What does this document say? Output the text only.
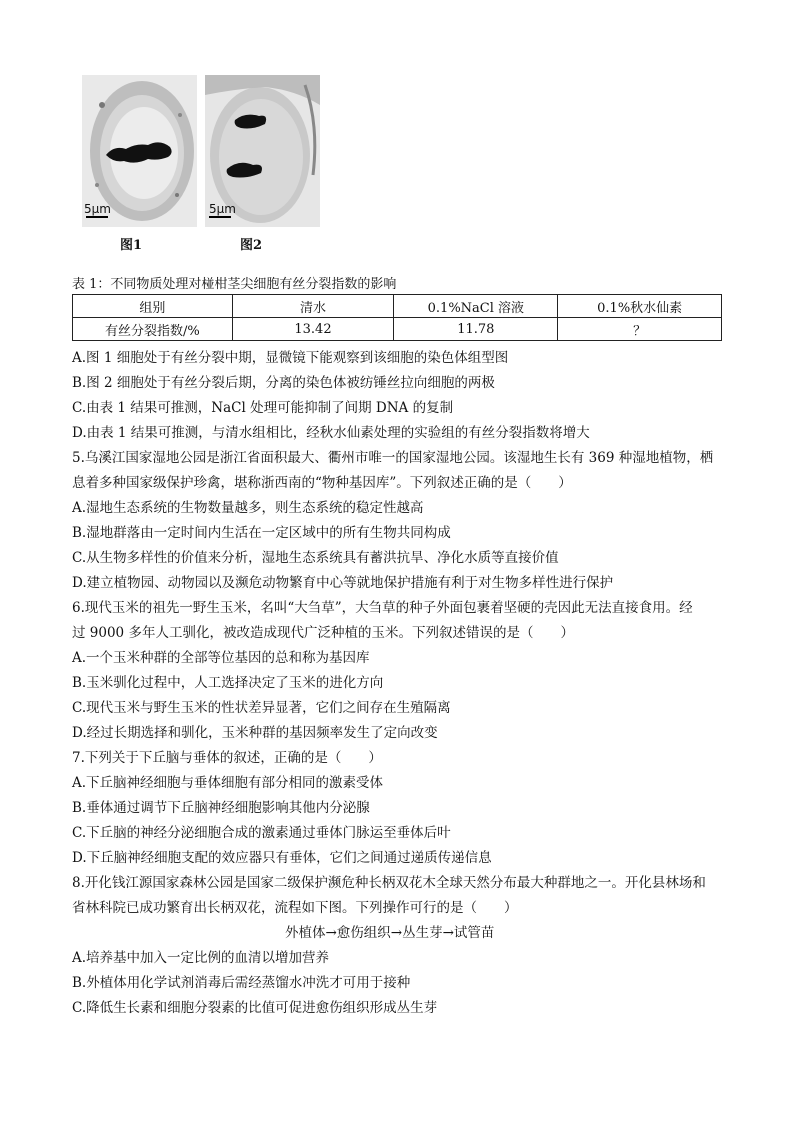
5μm
图1
5μm
图2
表 1：不同物质处理对椪柑茎尖细胞有丝分裂指数的影响
组别	清水	0.1%NaCl 溶液	0.1%秋水仙素
有丝分裂指数/%	13.42	11.78	？
A.图 1 细胞处于有丝分裂中期，显微镜下能观察到该细胞的染色体组型图
B.图 2 细胞处于有丝分裂后期，分离的染色体被纺锤丝拉向细胞的两极
C.由表 1 结果可推测，NaCl 处理可能抑制了间期 DNA 的复制
D.由表 1 结果可推测，与清水组相比，经秋水仙素处理的实验组的有丝分裂指数将增大
5.乌溪江国家湿地公园是浙江省面积最大、衢州市唯一的国家湿地公园。该湿地生长有 369 种湿地植物，栖
息着多种国家级保护珍禽，堪称浙西南的“物种基因库”。下列叙述正确的是（　　）
A.湿地生态系统的生物数量越多，则生态系统的稳定性越高
B.湿地群落由一定时间内生活在一定区域中的所有生物共同构成
C.从生物多样性的价值来分析，湿地生态系统具有蓄洪抗旱、净化水质等直接价值
D.建立植物园、动物园以及濒危动物繁育中心等就地保护措施有利于对生物多样性进行保护
6.现代玉米的祖先一野生玉米，名叫“大刍草”，大刍草的种子外面包裹着坚硬的壳因此无法直接食用。经
过 9000 多年人工驯化，被改造成现代广泛种植的玉米。下列叙述错误的是（　　）
A.一个玉米种群的全部等位基因的总和称为基因库
B.玉米驯化过程中，人工选择决定了玉米的进化方向
C.现代玉米与野生玉米的性状差异显著，它们之间存在生殖隔离
D.经过长期选择和驯化，玉米种群的基因频率发生了定向改变
7.下列关于下丘脑与垂体的叙述，正确的是（　　）
A.下丘脑神经细胞与垂体细胞有部分相同的激素受体
B.垂体通过调节下丘脑神经细胞影响其他内分泌腺
C.下丘脑的神经分泌细胞合成的激素通过垂体门脉运至垂体后叶
D.下丘脑神经细胞支配的效应器只有垂体，它们之间通过递质传递信息
8.开化钱江源国家森林公园是国家二级保护濒危种长柄双花木全球天然分布最大种群地之一。开化县林场和
省林科院已成功繁育出长柄双花，流程如下图。下列操作可行的是（　　）
外植体→愈伤组织→丛生芽→试管苗
A.培养基中加入一定比例的血清以增加营养
B.外植体用化学试剂消毒后需经蒸馏水冲洗才可用于接种
C.降低生长素和细胞分裂素的比值可促进愈伤组织形成丛生芽
